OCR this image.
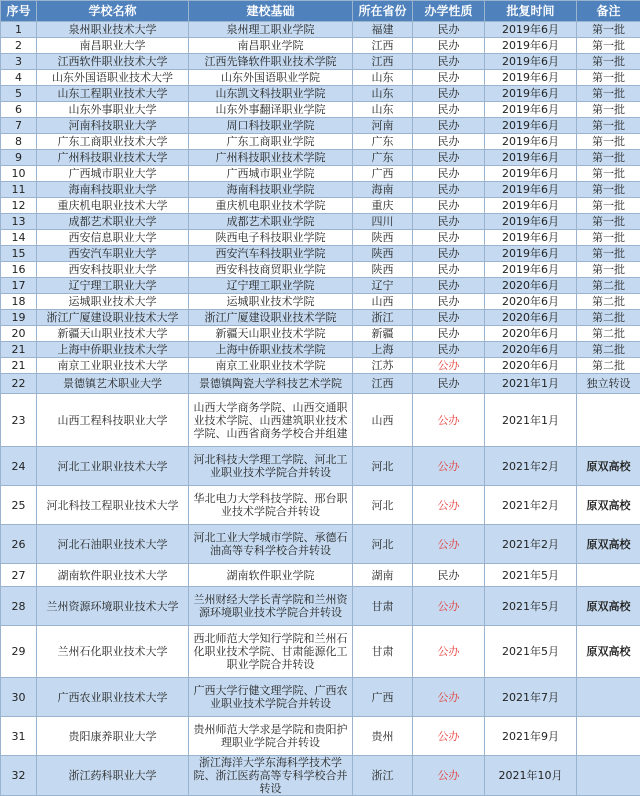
序号	学校名称	建校基础	所在省份	办学性质	批复时间	备注
1	泉州职业技术大学	泉州理工职业学院	福建	民办	2019年6月	第一批
2	南昌职业大学	南昌职业学院	江西	民办	2019年6月	第一批
3	江西软件职业技术大学	江西先锋软件职业技术学院	江西	民办	2019年6月	第一批
4	山东外国语职业技术大学	山东外国语职业学院	山东	民办	2019年6月	第一批
5	山东工程职业技术大学	山东凯文科技职业学院	山东	民办	2019年6月	第一批
6	山东外事职业大学	山东外事翻译职业学院	山东	民办	2019年6月	第一批
7	河南科技职业大学	周口科技职业学院	河南	民办	2019年6月	第一批
8	广东工商职业技术大学	广东工商职业学院	广东	民办	2019年6月	第一批
9	广州科技职业技术大学	广州科技职业技术学院	广东	民办	2019年6月	第一批
10	广西城市职业大学	广西城市职业学院	广西	民办	2019年6月	第一批
11	海南科技职业大学	海南科技职业学院	海南	民办	2019年6月	第一批
12	重庆机电职业技术大学	重庆机电职业技术学院	重庆	民办	2019年6月	第一批
13	成都艺术职业大学	成都艺术职业学院	四川	民办	2019年6月	第一批
14	西安信息职业大学	陕西电子科技职业学院	陕西	民办	2019年6月	第一批
15	西安汽车职业大学	西安汽车科技职业学院	陕西	民办	2019年6月	第一批
16	西安科技职业大学	西安科技商贸职业学院	陕西	民办	2019年6月	第一批
17	辽宁理工职业大学	辽宁理工职业学院	辽宁	民办	2020年6月	第二批
18	运城职业技术大学	运城职业技术学院	山西	民办	2020年6月	第二批
19	浙江广厦建设职业技术大学	浙江广厦建设职业技术学院	浙江	民办	2020年6月	第二批
20	新疆天山职业技术大学	新疆天山职业技术学院	新疆	民办	2020年6月	第二批
21	上海中侨职业技术大学	上海中侨职业技术学院	上海	民办	2020年6月	第二批
21	南京工业职业技术大学	南京工业职业技术学院	江苏	公办	2020年6月	第二批
22	景德镇艺术职业大学	景德镇陶瓷大学科技艺术学院	江西	民办	2021年1月	独立转设
23	山西工程科技职业大学	山西大学商务学院、山西交通职业技术学院、山西建筑职业技术学院、山西省商务学校合并组建	山西	公办	2021年1月	
24	河北工业职业技术大学	河北科技大学理工学院、河北工业职业技术学院合并转设	河北	公办	2021年2月	原双高校
25	河北科技工程职业技术大学	华北电力大学科技学院、邢台职业技术学院合并转设	河北	公办	2021年2月	原双高校
26	河北石油职业技术大学	河北工业大学城市学院、承德石油高等专科学校合并转设	河北	公办	2021年2月	原双高校
27	湖南软件职业技术大学	湖南软件职业学院	湖南	民办	2021年5月	
28	兰州资源环境职业技术大学	兰州财经大学长青学院和兰州资源环境职业技术学院合并转设	甘肃	公办	2021年5月	原双高校
29	兰州石化职业技术大学	西北师范大学知行学院和兰州石化职业技术学院、甘肃能源化工职业学院合并转设	甘肃	公办	2021年5月	原双高校
30	广西农业职业技术大学	广西大学行健文理学院、广西农业职业技术学院合并转设	广西	公办	2021年7月	
31	贵阳康养职业大学	贵州师范大学求是学院和贵阳护理职业学院合并转设	贵州	公办	2021年9月	
32	浙江药科职业大学	浙江海洋大学东海科学技术学院、浙江医药高等专科学校合并转设	浙江	公办	2021年10月	
